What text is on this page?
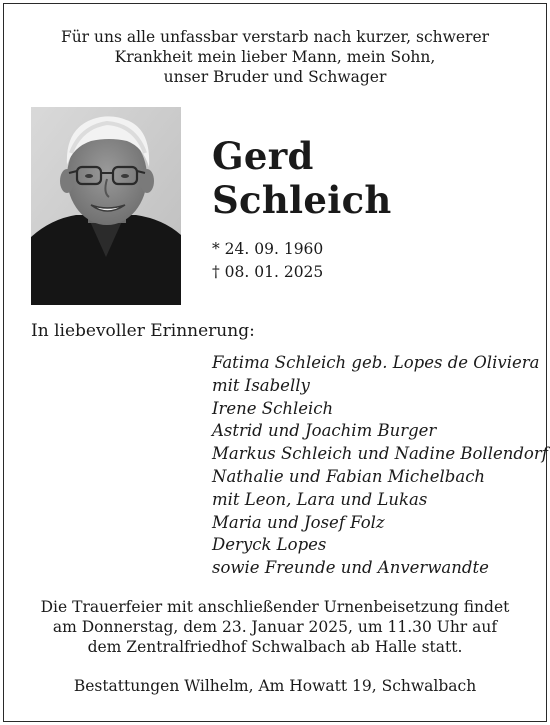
Für uns alle unfassbar verstarb nach kurzer, schwerer
Krankheit mein lieber Mann, mein Sohn,
unser Bruder und Schwager
Gerd
Schleich
* 24. 09. 1960
† 08. 01. 2025
In liebevoller Erinnerung:
Fatima Schleich geb. Lopes de Oliviera
mit Isabelly
Irene Schleich
Astrid und Joachim Burger
Markus Schleich und Nadine Bollendorf
Nathalie und Fabian Michelbach
mit Leon, Lara und Lukas
Maria und Josef Folz
Deryck Lopes
sowie Freunde und Anverwandte
Die Trauerfeier mit anschließender Urnenbeisetzung findet
am Donnerstag, dem 23. Januar 2025, um 11.30 Uhr auf
dem Zentralfriedhof Schwalbach ab Halle statt.
Bestattungen Wilhelm, Am Howatt 19, Schwalbach
